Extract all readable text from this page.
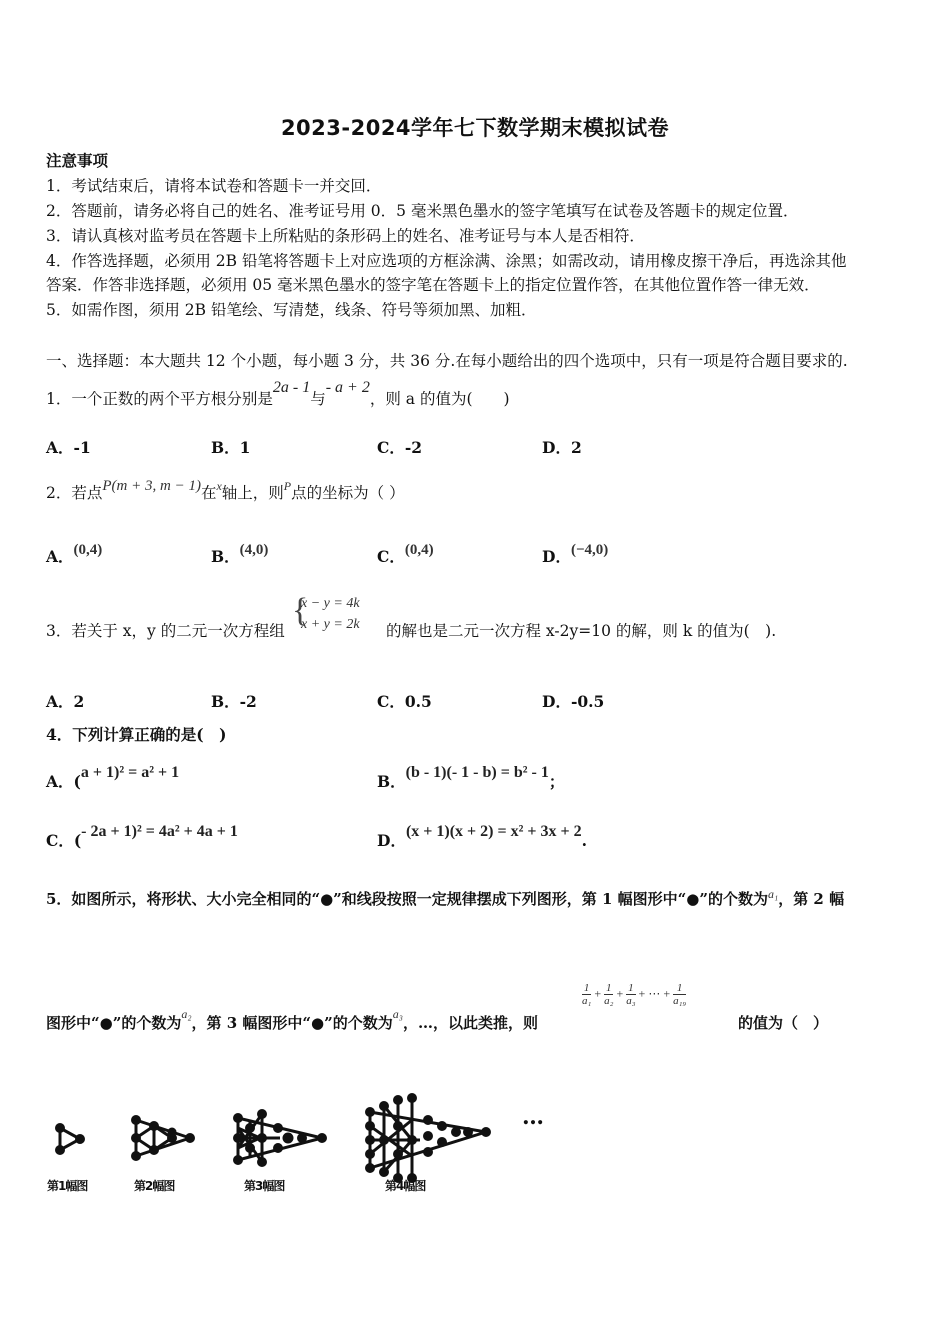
2023-2024学年七下数学期末模拟试卷
注意事项
1．考试结束后，请将本试卷和答题卡一并交回．
2．答题前，请务必将自己的姓名、准考证号用 0．5 毫米黑色墨水的签字笔填写在试卷及答题卡的规定位置．
3．请认真核对监考员在答题卡上所粘贴的条形码上的姓名、准考证号与本人是否相符．
4．作答选择题，必须用 2B 铅笔将答题卡上对应选项的方框涂满、涂黑；如需改动，请用橡皮擦干净后，再选涂其他
答案．作答非选择题，必须用 05 毫米黑色墨水的签字笔在答题卡上的指定位置作答，在其他位置作答一律无效．
5．如需作图，须用 2B 铅笔绘、写清楚，线条、符号等须加黑、加粗．
一、选择题：本大题共 12 个小题，每小题 3 分，共 36 分.在每小题给出的四个选项中，只有一项是符合题目要求的.
1．一个正数的两个平方根分别是2a - 1与- a + 2，则 a 的值为(　　)
A．-1	B．1	C．-2	D．2
2．若点P(m + 3, m − 1)在$^x$轴上，则$^P$点的坐标为（ ）
A．(0,4)	B．(4,0)	C．(0,4)	D．(−4,0)
3．若关于 x，y 的二元一次方程组
{
x − y = 4k
x + y = 2k 的解也是二元一次方程 x-2y=10 的解，则 k 的值为(　).
A．2	B．-2	C．0.5	D．-0.5
4．下列计算正确的是(　)
A．(a + 1)² = a² + 1	B．(b - 1)(- 1 - b) = b² - 1；
C．(- 2a + 1)² = 4a² + 4a + 1	D．(x + 1)(x + 2) = x² + 3x + 2.
5．如图所示，将形状、大小完全相同的“●”和线段按照一定规律摆成下列图形，第 1 幅图形中“●”的个数为$^{a_1}$，第 2 幅
图形中“●”的个数为$^{a_2}$，第 3 幅图形中“●”的个数为$^{a_3}$，…，以此类推，则
$\frac{1}{\text{a₁}} + \frac{1}{\text{a₂}} + \frac{1}{\text{a₃}}$ + ⋯ + $\frac{1}{\text{a₁₉}}$
的值为（　）
…
第1幅图	第2幅图	第3幅图	第4幅图
